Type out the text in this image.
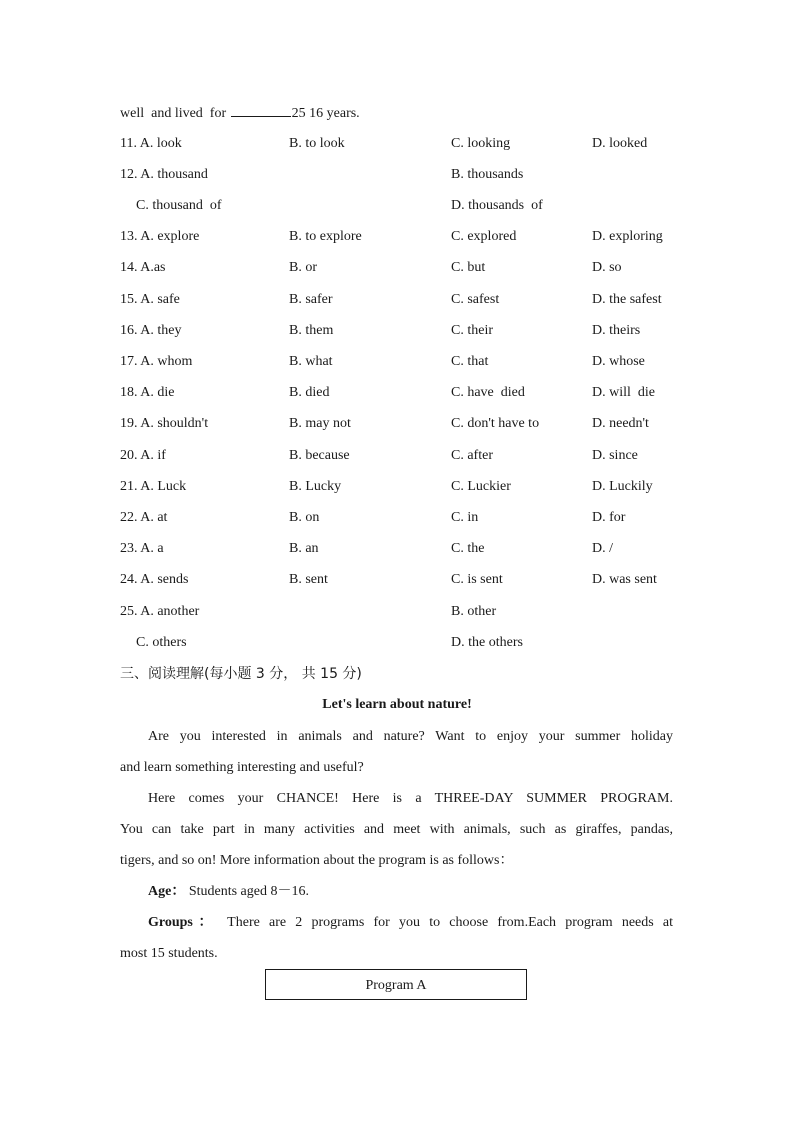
well  and lived  for	25 16 years.
11. A. look	B. to look	C. looking	D. looked
12. A. thousand	B. thousands
C. thousand  of	D. thousands  of
13. A. explore	B. to explore	C. explored	D. exploring
14. A.as	B. or	C. but	D. so
15. A. safe	B. safer	C. safest	D. the safest
16. A. they	B. them	C. their	D. theirs
17. A. whom	B. what	C. that	D. whose
18. A. die	B. died	C. have  died	D. will  die
19. A. shouldn't	B. may not	C. don't have to	D. needn't
20. A. if	B. because	C. after	D. since
21. A. Luck	B. Lucky	C. Luckier	D. Luckily
22. A. at	B. on	C. in	D. for
23. A. a	B. an	C. the	D. /
24. A. sends	B. sent	C. is sent	D. was sent
25. A. another	B. other
C. others	D. the others
三、阅读理解(每小题 3 分， 共 15 分)
Let's learn about nature!

Are you interested in animals and nature? Want to enjoy your summer holiday

and learn something interesting and useful?

Here comes your CHANCE! Here is a THREE-DAY SUMMER PROGRAM.

You can take part in many activities and meet with animals, such as giraffes, pandas,

tigers, and so on! More information about the program is as follows：

Age： Students aged 8－16.

Groups： There are 2 programs for you to choose from.Each program needs at

most 15 students.

Program A
